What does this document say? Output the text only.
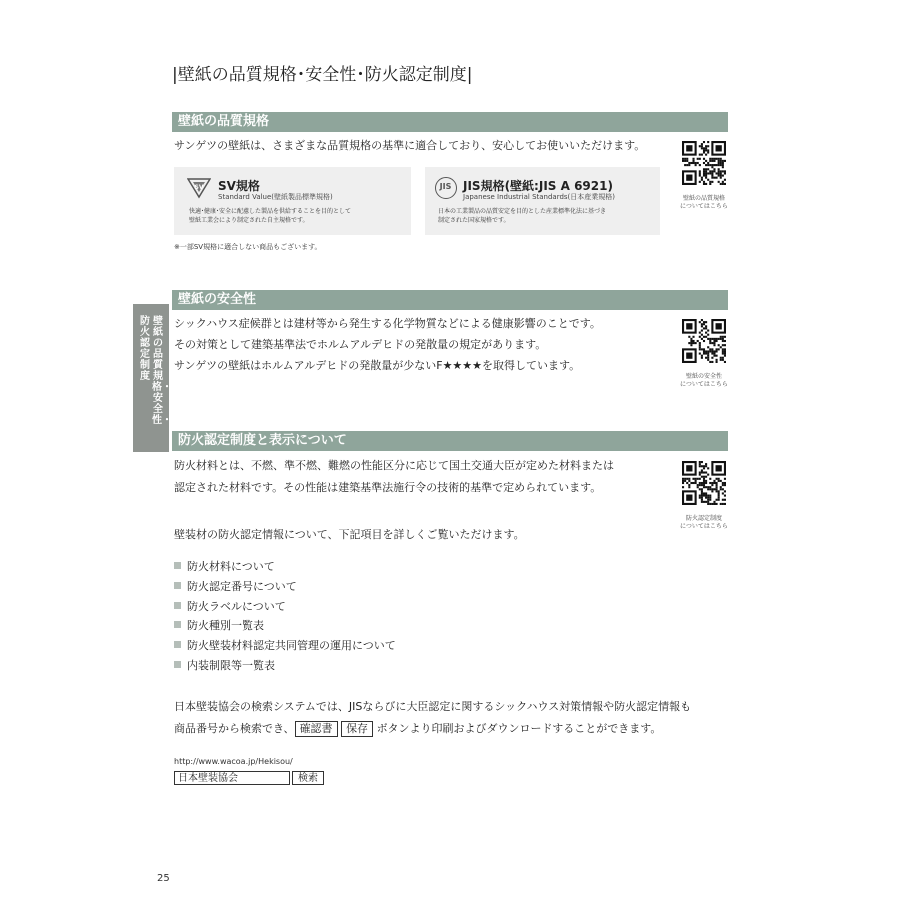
|壁紙の品質規格･安全性･防火認定制度|
壁紙の品質規格・安全性・
防火認定制度
壁紙の品質規格
サンゲツの壁紙は、さまざまな品質規格の基準に適合しており、安心してお使いいただけます。
SV SV規格
Standard Value(壁紙製品標準規格)
快適･健康･安全に配慮した製品を供給することを目的として
壁紙工業会により制定された自主規格です。
JIS JIS規格(壁紙:JIS A 6921)
Japanese Industrial Standards(日本産業規格)
日本の工業製品の品質安定を目的とした産業標準化法に基づき
制定された国家規格です。
※一部SV規格に適合しない商品もございます。
壁紙の品質規格
についてはこちら
壁紙の安全性
シックハウス症候群とは建材等から発生する化学物質などによる健康影響のことです。
その対策として建築基準法でホルムアルデヒドの発散量の規定があります。
サンゲツの壁紙はホルムアルデヒドの発散量が少ないF★★★★を取得しています。
壁紙の安全性
についてはこちら
防火認定制度と表示について
防火材料とは、不燃、準不燃、難燃の性能区分に応じて国土交通大臣が定めた材料または
認定された材料です。その性能は建築基準法施行令の技術的基準で定められています。
壁装材の防火認定情報について、下記項目を詳しくご覧いただけます。
防火認定制度
についてはこちら
防火材料について
防火認定番号について
防火ラベルについて
防火種別一覧表
防火壁装材料認定共同管理の運用について
内装制限等一覧表
日本壁装協会の検索システムでは、JISならびに大臣認定に関するシックハウス対策情報や防火認定情報も
商品番号から検索でき、 確認書 保存 ボタンより印刷およびダウンロードすることができます。
http://www.wacoa.jp/Hekisou/
日本壁装協会	検索
25
